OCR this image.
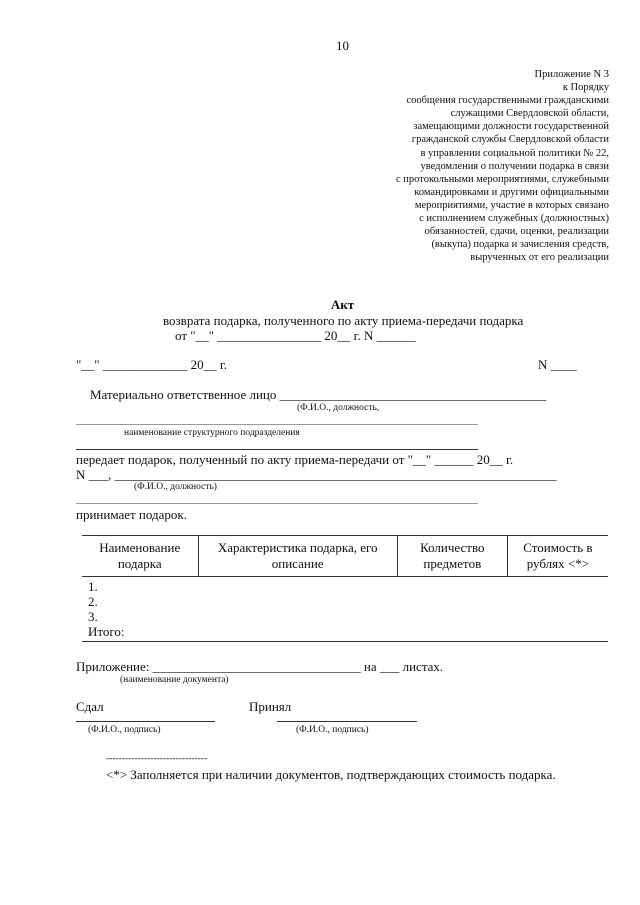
10
Приложение N 3
к Порядку
сообщения государственными гражданскими
служащими Свердловской области,
замещающими должности государственной
гражданской службы Свердловской области
в управлении социальной политики № 22,
уведомления о получении подарка в связи
с протокольными мероприятиями, служебными
командировками и другими официальными
мероприятиями, участие в которых связано
с исполнением служебных (должностных)
обязанностей, сдачи, оценки, реализации
(выкупа) подарка и зачисления средств,
вырученных от его реализации
Акт
возврата подарка, полученного по акту приема-передачи подарка
от "__" ________________ 20__ г. N ______
"__" _____________ 20__ г.	N ____
Материально ответственное лицо _________________________________________
(Ф.И.О., должность,
наименование структурного подразделения
передает подарок, полученный по акту приема-передачи от "__" ______ 20__ г.
N ___, ____________________________________________________________________
(Ф.И.О., должность)
принимает подарок.
Наименование подарка	Характеристика подарка, его описание	Количество предметов	Стоимость в рублях <*>
1.
2.
3.
Итого:
Приложение: ________________________________ на ___ листах.
(наименование документа)
Сдал	Принял
(Ф.И.О., подпись)	(Ф.И.О., подпись)
--------------------------------
<*> Заполняется при наличии документов, подтверждающих стоимость подарка.
